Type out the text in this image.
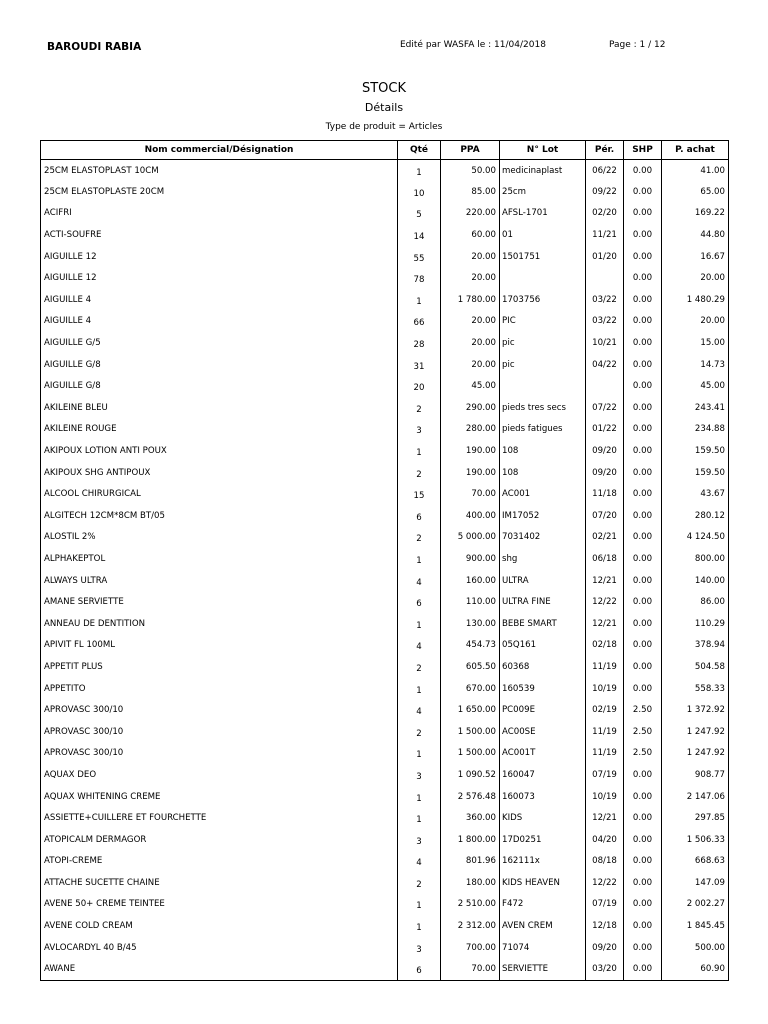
BAROUDI RABIA	Edité par WASFA le : 11/04/2018	Page : 1 / 12
STOCK
Détails
Type de produit = Articles
Nom commercial/Désignation	Qté	PPA	N° Lot	Pér.	SHP	P. achat
25CM ELASTOPLAST 10CM	1	50.00	medicinaplast	06/22	0.00	41.00
25CM ELASTOPLASTE 20CM	10	85.00	25cm	09/22	0.00	65.00
ACIFRI	5	220.00	AFSL-1701	02/20	0.00	169.22
ACTI-SOUFRE	14	60.00	01	11/21	0.00	44.80
AIGUILLE 12	55	20.00	1501751	01/20	0.00	16.67
AIGUILLE 12	78	20.00			0.00	20.00
AIGUILLE 4	1	1 780.00	1703756	03/22	0.00	1 480.29
AIGUILLE 4	66	20.00	PIC	03/22	0.00	20.00
AIGUILLE G/5	28	20.00	pic	10/21	0.00	15.00
AIGUILLE G/8	31	20.00	pic	04/22	0.00	14.73
AIGUILLE G/8	20	45.00			0.00	45.00
AKILEINE BLEU	2	290.00	pieds tres secs	07/22	0.00	243.41
AKILEINE ROUGE	3	280.00	pieds fatigues	01/22	0.00	234.88
AKIPOUX LOTION ANTI POUX	1	190.00	108	09/20	0.00	159.50
AKIPOUX SHG ANTIPOUX	2	190.00	108	09/20	0.00	159.50
ALCOOL CHIRURGICAL	15	70.00	AC001	11/18	0.00	43.67
ALGITECH 12CM*8CM BT/05	6	400.00	IM17052	07/20	0.00	280.12
ALOSTIL 2%	2	5 000.00	7031402	02/21	0.00	4 124.50
ALPHAKEPTOL	1	900.00	shg	06/18	0.00	800.00
ALWAYS ULTRA	4	160.00	ULTRA	12/21	0.00	140.00
AMANE SERVIETTE	6	110.00	ULTRA FINE	12/22	0.00	86.00
ANNEAU DE DENTITION	1	130.00	BEBE SMART	12/21	0.00	110.29
APIVIT FL 100ML	4	454.73	05Q161	02/18	0.00	378.94
APPETIT PLUS	2	605.50	60368	11/19	0.00	504.58
APPETITO	1	670.00	160539	10/19	0.00	558.33
APROVASC 300/10	4	1 650.00	PC009E	02/19	2.50	1 372.92
APROVASC 300/10	2	1 500.00	AC00SE	11/19	2.50	1 247.92
APROVASC 300/10	1	1 500.00	AC001T	11/19	2.50	1 247.92
AQUAX DEO	3	1 090.52	160047	07/19	0.00	908.77
AQUAX WHITENING CREME	1	2 576.48	160073	10/19	0.00	2 147.06
ASSIETTE+CUILLERE ET FOURCHETTE	1	360.00	KIDS	12/21	0.00	297.85
ATOPICALM DERMAGOR	3	1 800.00	17D0251	04/20	0.00	1 506.33
ATOPI-CREME	4	801.96	162111x	08/18	0.00	668.63
ATTACHE SUCETTE CHAINE	2	180.00	KIDS HEAVEN	12/22	0.00	147.09
AVENE 50+ CREME TEINTEE	1	2 510.00	F472	07/19	0.00	2 002.27
AVENE COLD CREAM	1	2 312.00	AVEN CREM	12/18	0.00	1 845.45
AVLOCARDYL 40 B/45	3	700.00	71074	09/20	0.00	500.00
AWANE	6	70.00	SERVIETTE	03/20	0.00	60.90
